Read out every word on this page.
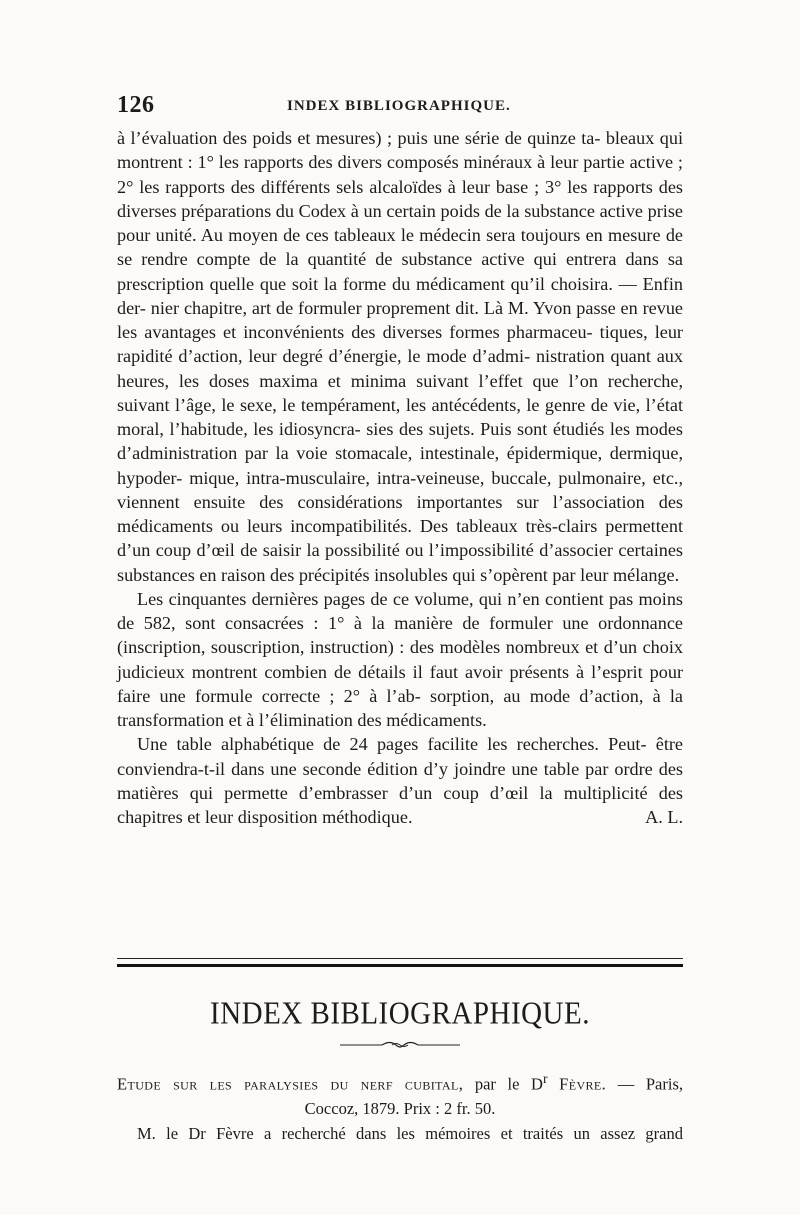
126	INDEX BIBLIOGRAPHIQUE.

à l’évaluation des poids et mesures) ; puis une série de quinze ta- bleaux qui montrent : 1° les rapports des divers composés minéraux à leur partie active ; 2° les rapports des différents sels alcaloïdes à leur base ; 3° les rapports des diverses préparations du Codex à un certain poids de la substance active prise pour unité. Au moyen de ces tableaux le médecin sera toujours en mesure de se rendre compte de la quantité de substance active qui entrera dans sa prescription quelle que soit la forme du médicament qu’il choisira. — Enfin der- nier chapitre, art de formuler proprement dit. Là M. Yvon passe en revue les avantages et inconvénients des diverses formes pharmaceu- tiques, leur rapidité d’action, leur degré d’énergie, le mode d’admi- nistration quant aux heures, les doses maxima et minima suivant l’effet que l’on recherche, suivant l’âge, le sexe, le tempérament, les antécédents, le genre de vie, l’état moral, l’habitude, les idiosyncra- sies des sujets. Puis sont étudiés les modes d’administration par la voie stomacale, intestinale, épidermique, dermique, hypoder- mique, intra-musculaire, intra-veineuse, buccale, pulmonaire, etc., viennent ensuite des considérations importantes sur l’association des médicaments ou leurs incompatibilités. Des tableaux très-clairs permettent d’un coup d’œil de saisir la possibilité ou l’impossibilité d’associer certaines substances en raison des précipités insolubles qui s’opèrent par leur mélange.

Les cinquantes dernières pages de ce volume, qui n’en contient pas moins de 582, sont consacrées : 1° à la manière de formuler une ordonnance (inscription, souscription, instruction) : des modèles nombreux et d’un choix judicieux montrent combien de détails il faut avoir présents à l’esprit pour faire une formule correcte ; 2° à l’ab- sorption, au mode d’action, à la transformation et à l’élimination des médicaments.

Une table alphabétique de 24 pages facilite les recherches. Peut- être conviendra-t-il dans une seconde édition d’y joindre une table par ordre des matières qui permette d’embrasser d’un coup d’œil la multiplicité des chapitres et leur disposition méthodique.	A. L.

INDEX BIBLIOGRAPHIQUE.
Etude sur les paralysies du nerf cubital, par le $D^r$ Fèvre. — Paris,
Coccoz, 1879. Prix : 2 fr. 50.
M. le Dr Fèvre a recherché dans les mémoires et traités un assez grand
